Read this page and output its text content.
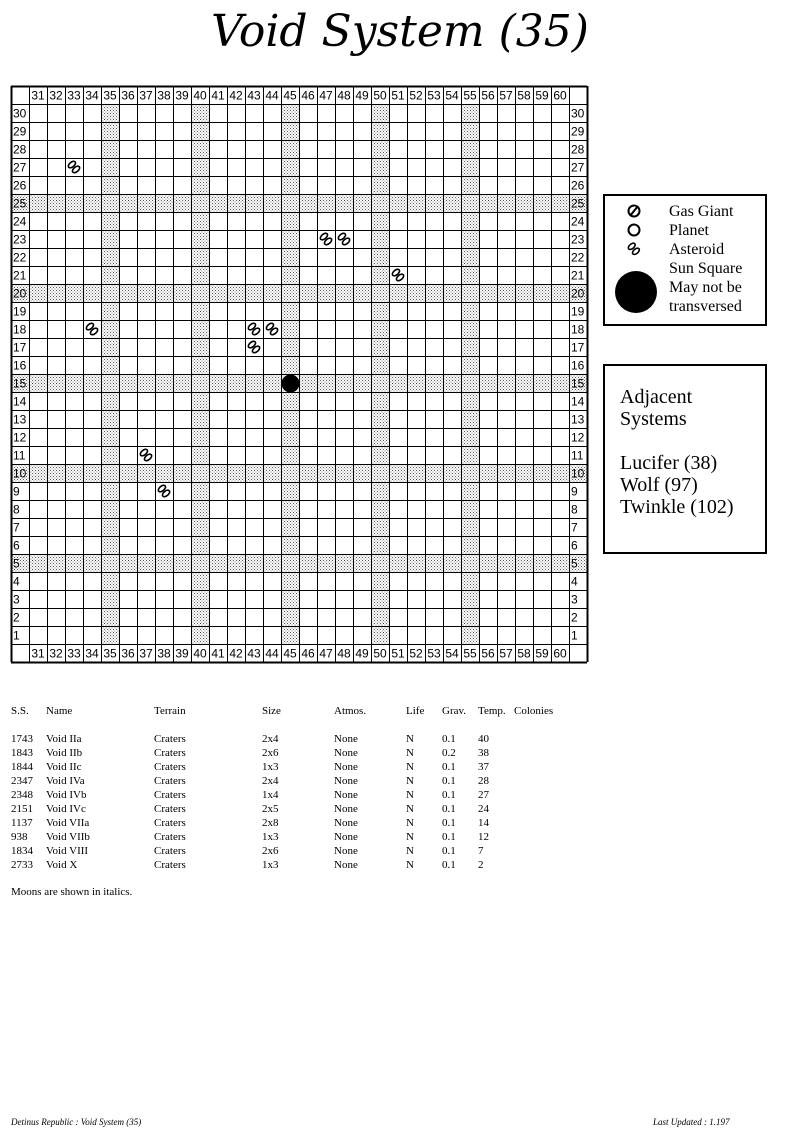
Void System (35)
31
31
32
32
33
33
34
34
35
35
36
36
37
37
38
38
39
39
40
40
41
41
42
42
43
43
44
44
45
45
46
46
47
47
48
48
49
49
50
50
51
51
52
52
53
53
54
54
55
55
56
56
57
57
58
58
59
59
60
60
30	30
29	29
28	28
27	27
26	26
25	25
24	24
23	23
22	22
21	21
20	20
19	19
18	18
17	17
16	16
15	15
14	14
13	13
12	12
11	11
10	10
9	9
8	8
7	7
6	6
5	5
4	4
3	3
2	2
1	1
Gas Giant
Planet
Asteroid
Sun Square
May not be
transversed
Adjacent Systems
Lucifer (38)
Wolf (97)
Twinkle (102)
S.S. Name	Terrain	Size	Atmos.	Life Grav. Temp. Colonies
1743 Void IIa	Craters	2x4	None	N	0.1 40
1843 Void IIb	Craters	2x6	None	N	0.2 38
1844 Void IIc	Craters	1x3	None	N	0.1 37
2347 Void IVa	Craters	2x4	None	N	0.1 28
2348 Void IVb	Craters	1x4	None	N	0.1 27
2151 Void IVc	Craters	2x5	None	N	0.1 24
1137 Void VIIa	Craters	2x8	None	N	0.1 14
938 Void VIIb	Craters	1x3	None	N	0.1 12
1834 Void VIII	Craters	2x6	None	N	0.1 7
2733 Void X	Craters	1x3	None	N	0.1 2
Moons are shown in italics.
Detinus Republic : Void System (35)	Last Updated : 1.197
